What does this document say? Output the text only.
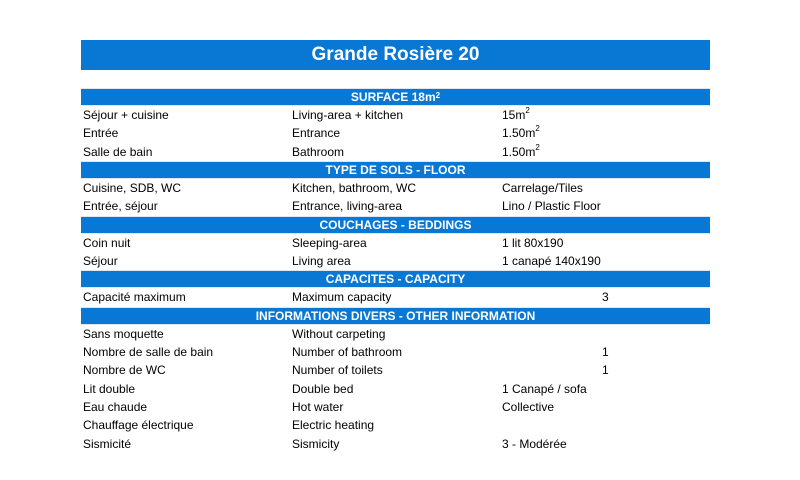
Grande Rosière 20
SURFACE $18m^2$
Séjour + cuisine	Living-area + kitchen	$15m^2$
Entrée	Entrance	$1.50m^2$
Salle de bain	Bathroom	$1.50m^2$
TYPE DE SOLS - FLOOR
Cuisine, SDB, WC	Kitchen, bathroom, WC	Carrelage/Tiles
Entrée, séjour	Entrance, living-area	Lino / Plastic Floor
COUCHAGES - BEDDINGS
Coin nuit	Sleeping-area	1 lit 80x190
Séjour	Living area	1 canapé 140x190
CAPACITES - CAPACITY
Capacité maximum	Maximum capacity	3
INFORMATIONS DIVERS - OTHER INFORMATION
Sans moquette	Without carpeting
Nombre de salle de bain	Number of bathroom	1
Nombre de WC	Number of toilets	1
Lit double	Double bed	1 Canapé / sofa
Eau chaude	Hot water	Collective
Chauffage électrique	Electric heating
Sismicité	Sismicity	3 - Modérée
